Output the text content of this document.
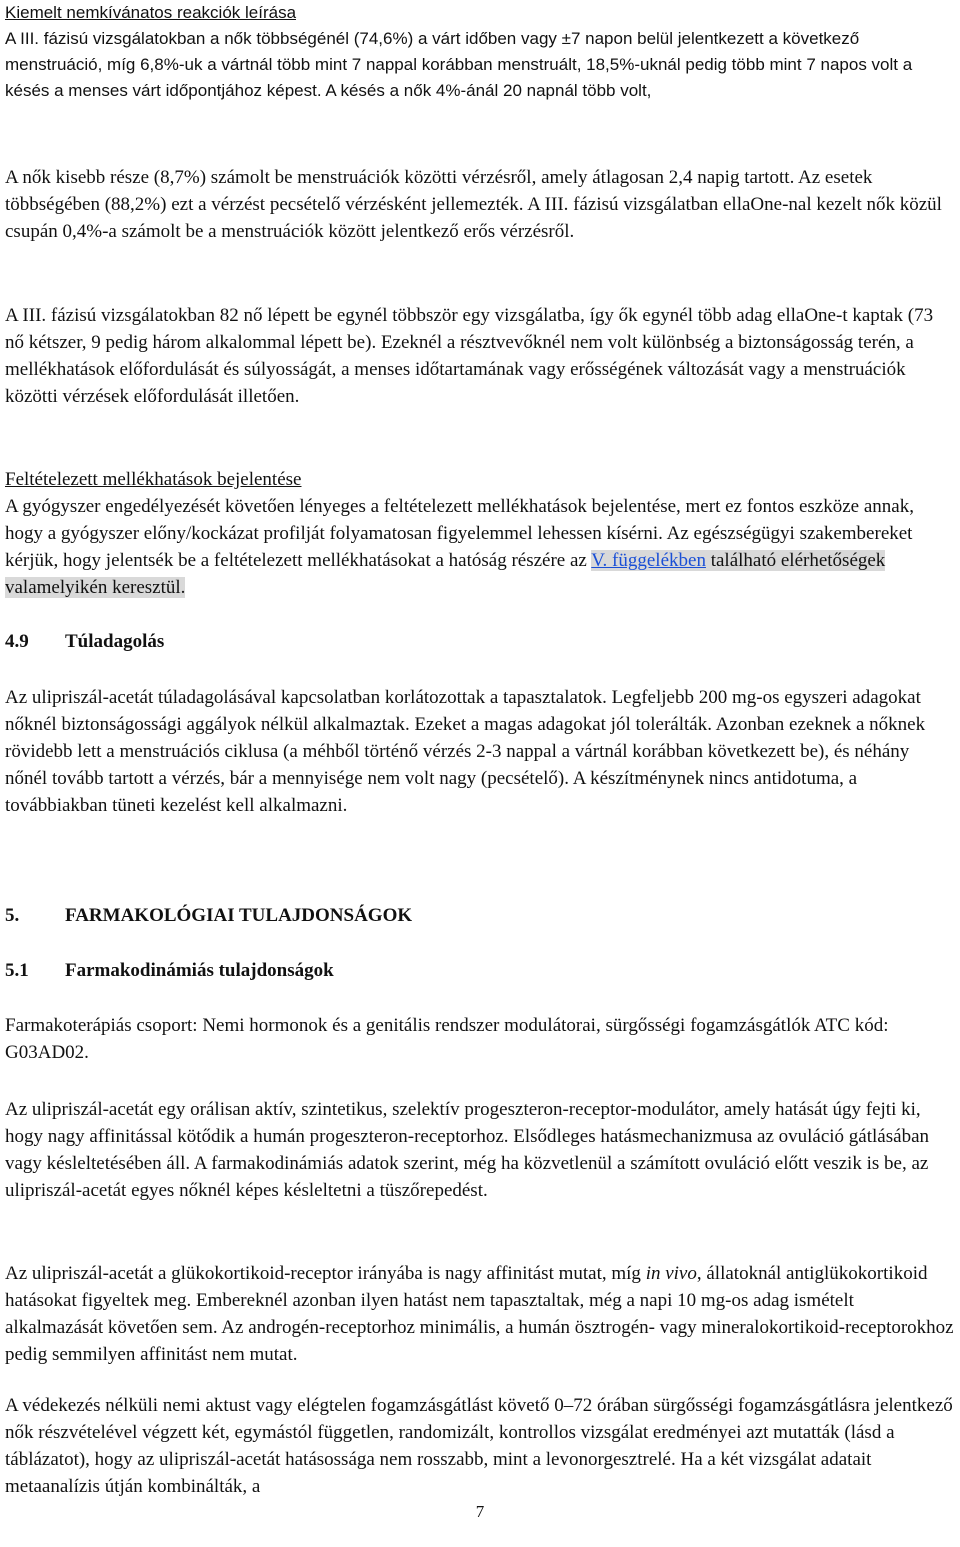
Kiemelt nemkívánatos reakciók leírása

A III. fázisú vizsgálatokban a nők többségénél (74,6%) a várt időben vagy ±7 napon belül jelentkezett a következő menstruáció, míg 6,8%-uk a vártnál több mint 7 nappal korábban menstruált, 18,5%-uknál pedig több mint 7 napos volt a késés a menses várt időpontjához képest. A késés a nők 4%-ánál 20 napnál több volt,

A nők kisebb része (8,7%) számolt be menstruációk közötti vérzésről, amely átlagosan 2,4 napig tartott. Az esetek többségében (88,2%) ezt a vérzést pecsételő vérzésként jellemezték. A III. fázisú vizsgálatban ellaOne-nal kezelt nők közül csupán 0,4%-a számolt be a menstruációk között jelentkező erős vérzésről.

A III. fázisú vizsgálatokban 82 nő lépett be egynél többször egy vizsgálatba, így ők egynél több adag ellaOne-t kaptak (73 nő kétszer, 9 pedig három alkalommal lépett be). Ezeknél a résztvevőknél nem volt különbség a biztonságosság terén, a mellékhatások előfordulását és súlyosságát, a menses időtartamának vagy erősségének változását vagy a menstruációk közötti vérzések előfordulását illetően.

Feltételezett mellékhatások bejelentése

A gyógyszer engedélyezését követően lényeges a feltételezett mellékhatások bejelentése, mert ez fontos eszköze annak, hogy a gyógyszer előny/kockázat profilját folyamatosan figyelemmel lehessen kísérni. Az egészségügyi szakembereket kérjük, hogy jelentsék be a feltételezett mellékhatásokat a hatóság részére az V. függelékben található elérhetőségek valamelyikén keresztül.

4.9 Túladagolás

Az ulipriszál-acetát túladagolásával kapcsolatban korlátozottak a tapasztalatok. Legfeljebb 200 mg-os egyszeri adagokat nőknél biztonságossági aggályok nélkül alkalmaztak. Ezeket a magas adagokat jól tolerálták. Azonban ezeknek a nőknek rövidebb lett a menstruációs ciklusa (a méhből történő vérzés 2-3 nappal a vártnál korábban következett be), és néhány nőnél tovább tartott a vérzés, bár a mennyisége nem volt nagy (pecsételő). A készítménynek nincs antidotuma, a továbbiakban tüneti kezelést kell alkalmazni.

5. FARMAKOLÓGIAI TULAJDONSÁGOK

5.1 Farmakodinámiás tulajdonságok

Farmakoterápiás csoport: Nemi hormonok és a genitális rendszer modulátorai, sürgősségi fogamzásgátlók ATC kód: G03AD02.

Az ulipriszál-acetát egy orálisan aktív, szintetikus, szelektív progeszteron-receptor-modulátor, amely hatását úgy fejti ki, hogy nagy affinitással kötődik a humán progeszteron-receptorhoz. Elsődleges hatásmechanizmusa az ovuláció gátlásában vagy késleltetésében áll. A farmakodinámiás adatok szerint, még ha közvetlenül a számított ovuláció előtt veszik is be, az ulipriszál-acetát egyes nőknél képes késleltetni a tüszőrepedést.

Az ulipriszál-acetát a glükokortikoid-receptor irányába is nagy affinitást mutat, míg in vivo, állatoknál antiglükokortikoid hatásokat figyeltek meg. Embereknél azonban ilyen hatást nem tapasztaltak, még a napi 10 mg-os adag ismételt alkalmazását követően sem. Az androgén-receptorhoz minimális, a humán ösztrogén- vagy mineralokortikoid-receptorokhoz pedig semmilyen affinitást nem mutat.

A védekezés nélküli nemi aktust vagy elégtelen fogamzásgátlást követő 0–72 órában sürgősségi fogamzásgátlásra jelentkező nők részvételével végzett két, egymástól független, randomizált, kontrollos vizsgálat eredményei azt mutatták (lásd a táblázatot), hogy az ulipriszál-acetát hatásossága nem rosszabb, mint a levonorgesztrelé. Ha a két vizsgálat adatait metaanalízis útján kombinálták, a

7
